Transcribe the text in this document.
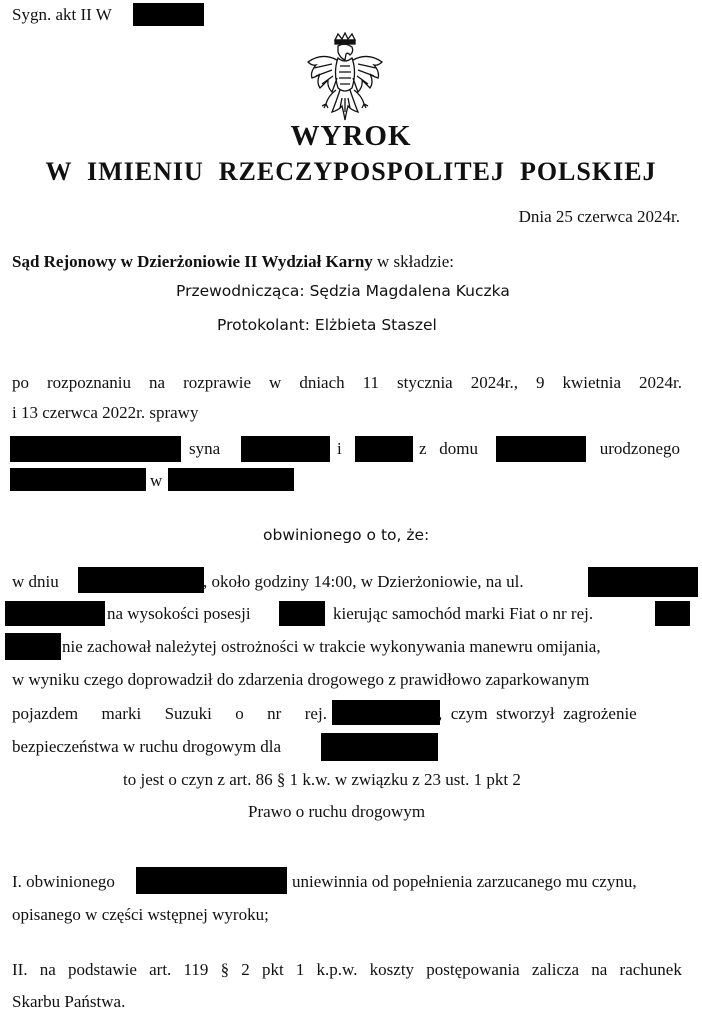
Sygn. akt II W
WYROK
W  IMIENIU  RZECZYPOSPOLITEJ  POLSKIEJ
Dnia 25 czerwca 2024r.
Sąd Rejonowy w Dzierżoniowie II Wydział Karny w składzie:
Przewodnicząca: Sędzia Magdalena Kuczka
Protokolant: Elżbieta Staszel
po rozpoznaniu na rozprawie w dniach 11 stycznia 2024r., 9 kwietnia 2024r.
i 13 czerwca 2022r. sprawy
syna	i	z   domu	urodzonego
w
obwinionego o to, że:
w dniu	, około godziny 14:00, w Dzierżoniowie, na ul.
na wysokości posesji	kierując samochód marki Fiat o nr rej.
nie zachował należytej ostrożności w trakcie wykonywania manewru omijania,
w wyniku czego doprowadził do zdarzenia drogowego z prawidłowo zaparkowanym
pojazdem marki Suzuki o nr rej.	,  czym  stworzył  zagrożenie
bezpieczeństwa w ruchu drogowym dla
to jest o czyn z art. 86 § 1 k.w. w związku z 23 ust. 1 pkt 2
Prawo o ruchu drogowym
I. obwinionego	uniewinnia od popełnienia zarzucanego mu czynu,
opisanego w części wstępnej wyroku;
II. na podstawie art. 119 § 2 pkt 1 k.p.w. koszty postępowania zalicza na rachunek
Skarbu Państwa.
